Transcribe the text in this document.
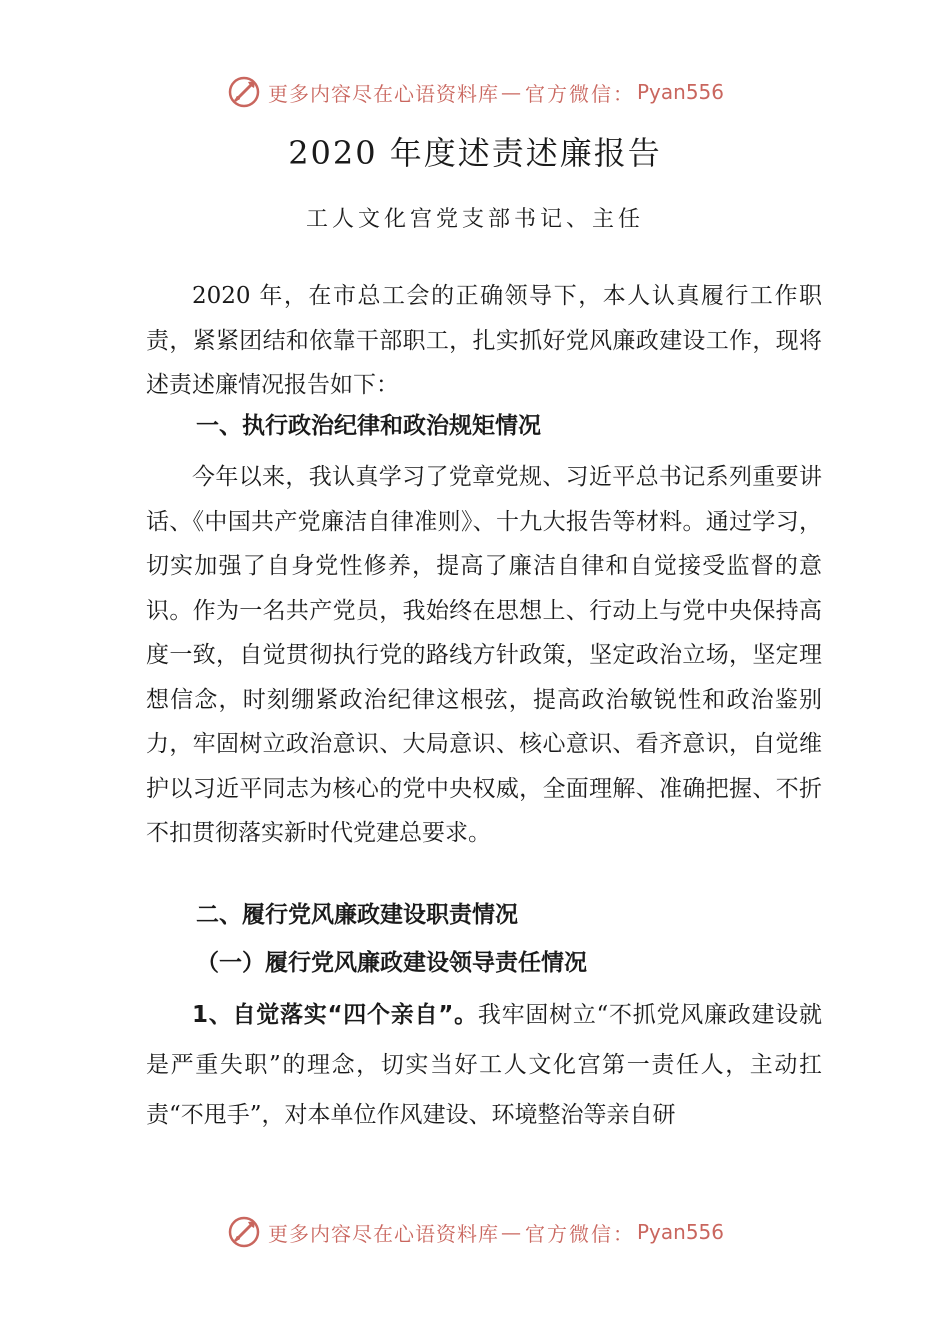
更多内容尽在心语资料库 — 官方微信： Pyan556
2020 年度述责述廉报告
工人文化宫党支部书记、主任

2020 年，在市总工会的正确领导下，本人认真履行工作职责，紧紧团结和依靠干部职工，扎实抓好党风廉政建设工作，现将述责述廉情况报告如下：

一、执行政治纪律和政治规矩情况

今年以来，我认真学习了党章党规、习近平总书记系列重要讲话、《中国共产党廉洁自律准则》、十九大报告等材料。通过学习，切实加强了自身党性修养，提高了廉洁自律和自觉接受监督的意识。作为一名共产党员，我始终在思想上、行动上与党中央保持高度一致，自觉贯彻执行党的路线方针政策，坚定政治立场，坚定理想信念，时刻绷紧政治纪律这根弦，提高政治敏锐性和政治鉴别力，牢固树立政治意识、大局意识、核心意识、看齐意识，自觉维护以习近平同志为核心的党中央权威，全面理解、准确把握、不折不扣贯彻落实新时代党建总要求。

二、履行党风廉政建设职责情况

（一）履行党风廉政建设领导责任情况

1、自觉落实“四个亲自”。我牢固树立“不抓党风廉政建设就是严重失职”的理念，切实当好工人文化宫第一责任人，主动扛责“不甩手”，对本单位作风建设、环境整治等亲自研

更多内容尽在心语资料库 — 官方微信： Pyan556
